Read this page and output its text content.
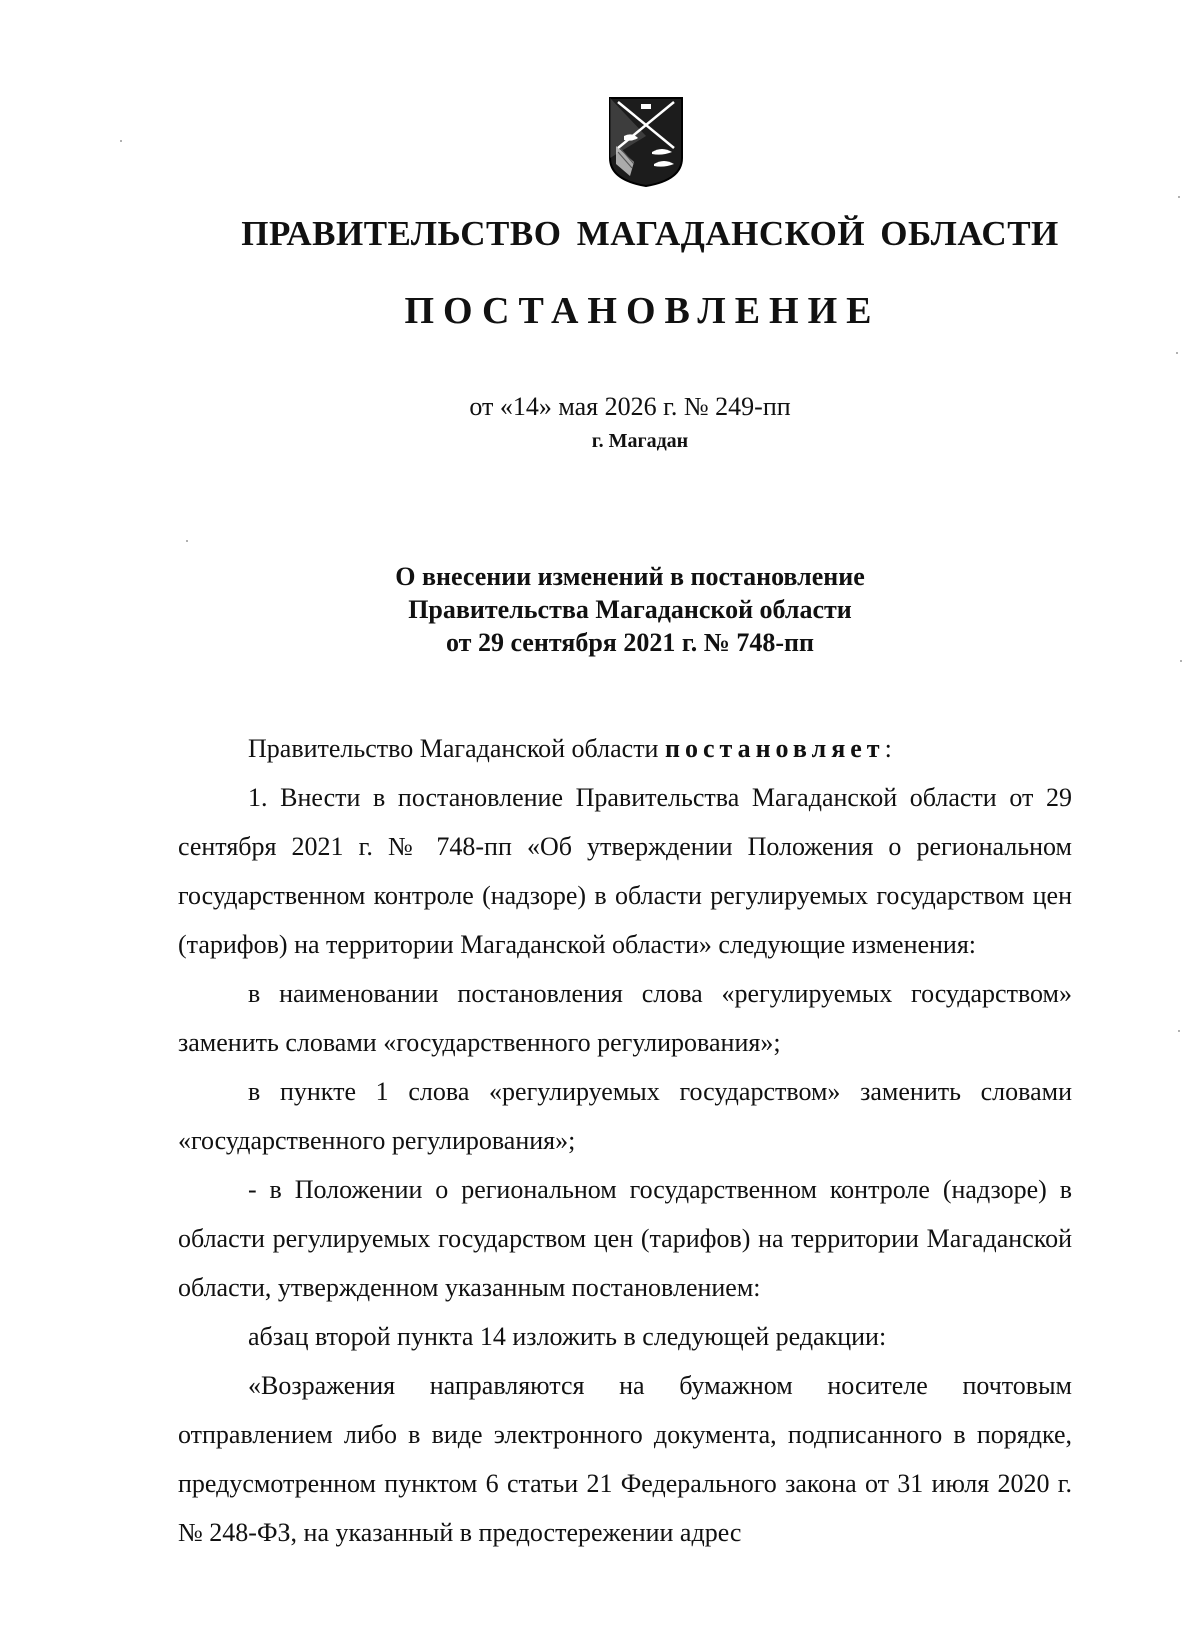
ПРАВИТЕЛЬСТВО МАГАДАНСКОЙ ОБЛАСТИ
ПОСТАНОВЛЕНИЕ
от «14» мая 2026 г. № 249-пп
г. Магадан
О внесении изменений в постановление
Правительства Магаданской области
от 29 сентября 2021 г. № 748-пп

Правительство Магаданской области постановляет:

1. Внести в постановление Правительства Магаданской области от 29 сентября 2021 г. № 748-пп «Об утверждении Положения о региональном государственном контроле (надзоре) в области регулируемых государством цен (тарифов) на территории Магаданской области» следующие изменения:

в наименовании постановления слова «регулируемых государством» заменить словами «государственного регулирования»;

в пункте 1 слова «регулируемых государством» заменить словами «государственного регулирования»;

- в Положении о региональном государственном контроле (надзоре) в области регулируемых государством цен (тарифов) на территории Магаданской области, утвержденном указанным постановлением:

абзац второй пункта 14 изложить в следующей редакции:

«Возражения направляются на бумажном носителе почтовым отправлением либо в виде электронного документа, подписанного в порядке, предусмотренном пунктом 6 статьи 21 Федерального закона от 31 июля 2020 г. № 248-ФЗ, на указанный в предостережении адрес
